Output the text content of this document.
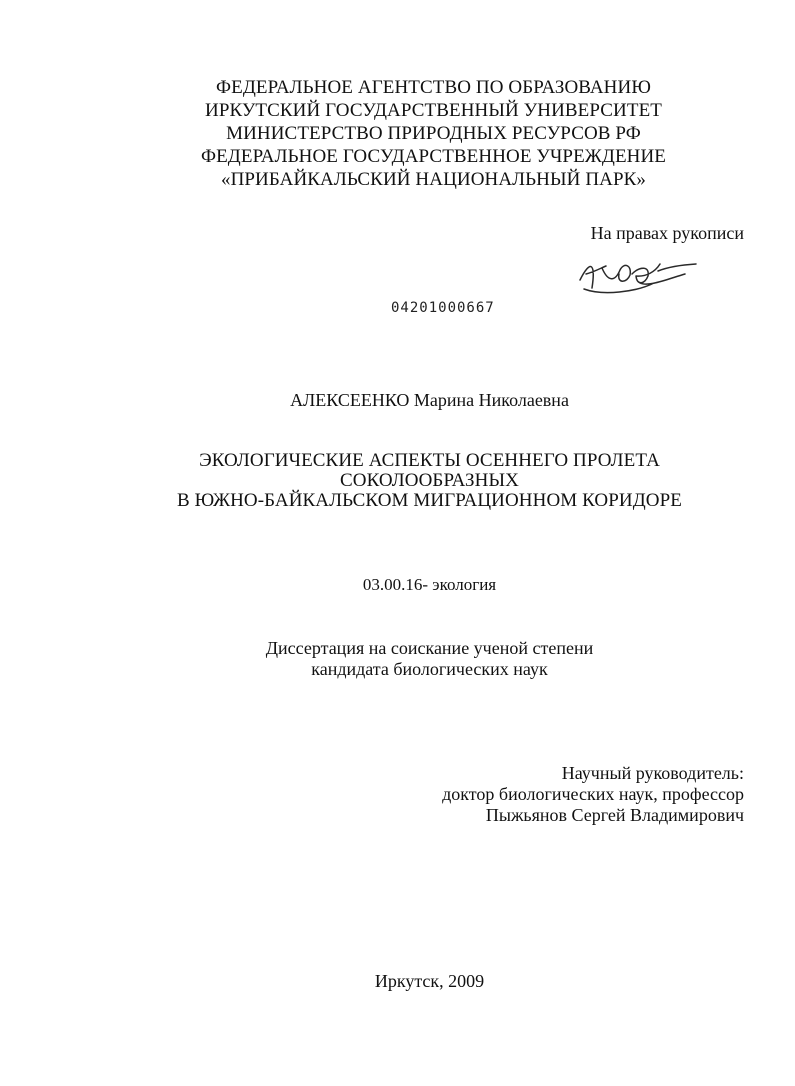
ФЕДЕРАЛЬНОЕ АГЕНТСТВО ПО ОБРАЗОВАНИЮ
ИРКУТСКИЙ ГОСУДАРСТВЕННЫЙ УНИВЕРСИТЕТ
МИНИСТЕРСТВО ПРИРОДНЫХ РЕСУРСОВ РФ
ФЕДЕРАЛЬНОЕ ГОСУДАРСТВЕННОЕ УЧРЕЖДЕНИЕ
«ПРИБАЙКАЛЬСКИЙ НАЦИОНАЛЬНЫЙ ПАРК»
На правах рукописи
04201000667
АЛЕКСЕЕНКО Марина Николаевна
ЭКОЛОГИЧЕСКИЕ АСПЕКТЫ ОСЕННЕГО ПРОЛЕТА
СОКОЛООБРАЗНЫХ
В ЮЖНО-БАЙКАЛЬСКОМ МИГРАЦИОННОМ КОРИДОРЕ
03.00.16- экология
Диссертация на соискание ученой степени
кандидата биологических наук
Научный руководитель:
доктор биологических наук, профессор
Пыжьянов Сергей Владимирович
Иркутск, 2009
